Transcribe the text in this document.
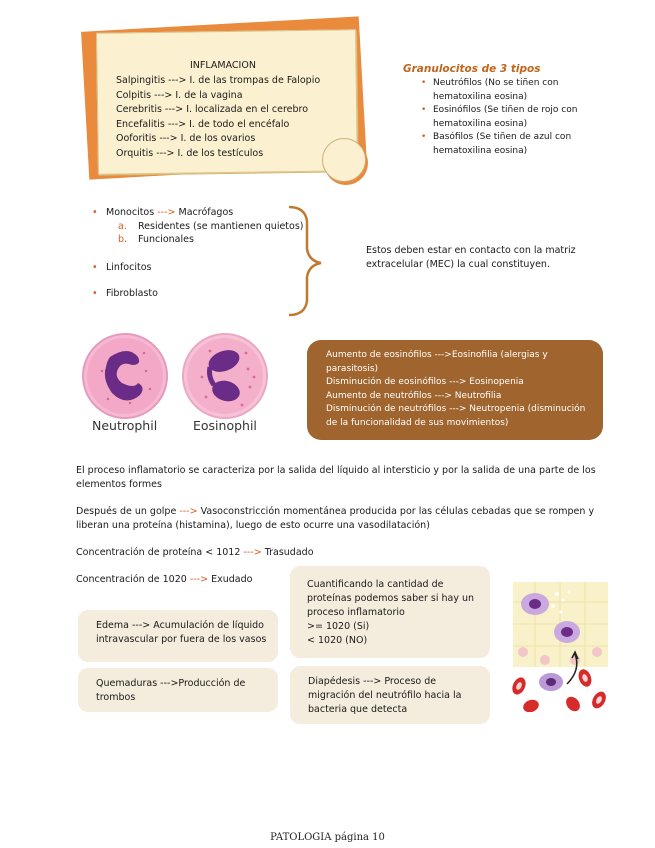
INFLAMACION
Salpingitis ---> I. de las trompas de Falopio
Colpitis ---> I. de la vagina
Cerebritis ---> I. localizada en el cerebro
Encefalitis ---> I. de todo el encéfalo
Ooforitis ---> I. de los ovarios
Orquitis ---> I. de los testículos
Granulocitos de 3 tipos
• Neutrófilos (No se tiñen con hematoxilina eosina)
• Eosinófilos (Se tiñen de rojo con hematoxilina eosina)
• Basófilos (Se tiñen de azul con hematoxilina eosina)
• Monocitos ---> Macrófagos
a. Residentes (se mantienen quietos)
b. Funcionales
• Linfocitos
• Fibroblasto
Estos deben estar en contacto con la matriz extracelular (MEC) la cual constituyen.
Neutrophil	Eosinophil
Aumento de eosinófilos --->Eosinofilia (alergias y parasitosis)
Disminución de eosinófilos ---> Eosinopenia
Aumento de neutrófilos ---> Neutrofilia
Disminución de neutrófilos ---> Neutropenia (disminución de la funcionalidad de sus movimientos)
El proceso inflamatorio se caracteriza por la salida del líquido al intersticio y por la salida de una parte de los elementos formes
Después de un golpe ---> Vasoconstricción momentánea producida por las células cebadas que se rompen y liberan una proteína (histamina), luego de esto ocurre una vasodilatación)
Concentración de proteína < 1012 ---> Trasudado
Concentración de 1020 ---> Exudado	Cuantificando la cantidad de
proteínas podemos saber si hay un
proceso inflamatorio
>= 1020 (Si)
< 1020 (NO)
Edema ---> Acumulación de líquido intravascular por fuera de los vasos
Quemaduras --->Producción de trombos
Diapédesis ---> Proceso de migración del neutrófilo hacia la bacteria que detecta
PATOLOGIA página 10
